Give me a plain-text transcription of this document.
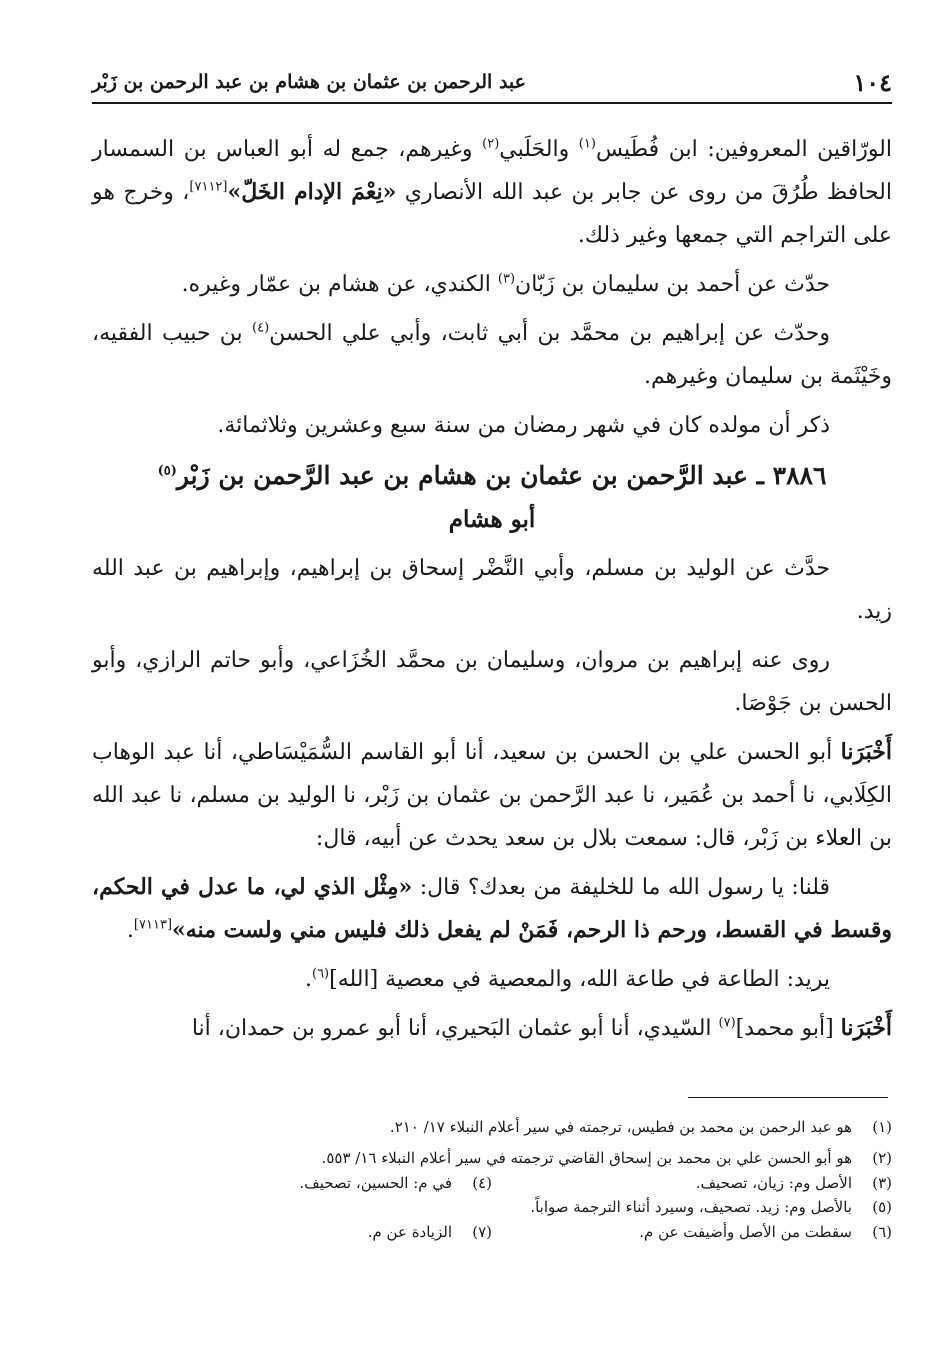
١٠٤
عبد الرحمن بن عثمان بن هشام بن عبد الرحمن بن زَبْر

الورّاقين المعروفين: ابن فُطَيس$^{(١)}$ والحَلَبي$^{(٢)}$ وغيرهم، جمع له أبو العباس بن السمسار الحافظ طُرُقَ من روى عن جابر بن عبد الله الأنصاري «نِعْمَ الإدام الخَلّ»[٧١١٢]، وخرج هو على التراجم التي جمعها وغير ذلك.

حدّث عن أحمد بن سليمان بن زَبّان$^{(٣)}$ الكندي، عن هشام بن عمّار وغيره.

وحدّث عن إبراهيم بن محمَّد بن أبي ثابت، وأبي علي الحسن$^{(٤)}$ بن حبيب الفقيه، وخَيْثَمة بن سليمان وغيرهم.

ذكر أن مولده كان في شهر رمضان من سنة سبع وعشرين وثلاثمائة.

٣٨٨٦ ـ عبد الرَّحمن بن عثمان بن هشام بن عبد الرَّحمن بن زَبْر$^{(٥)}$
أبو هشام

حدَّث عن الوليد بن مسلم، وأبي النَّضْر إسحاق بن إبراهيم، وإبراهيم بن عبد الله زيد.

روى عنه إبراهيم بن مروان، وسليمان بن محمَّد الخُزَاعي، وأبو حاتم الرازي، وأبو الحسن بن جَوْصَا.

أَخْبَرَنا أبو الحسن علي بن الحسن بن سعيد، أنا أبو القاسم السُّمَيْسَاطي، أنا عبد الوهاب الكِلَابي، نا أحمد بن عُمَير، نا عبد الرَّحمن بن عثمان بن زَبْر، نا الوليد بن مسلم، نا عبد الله بن العلاء بن زَبْر، قال: سمعت بلال بن سعد يحدث عن أبيه، قال:

قلنا: يا رسول الله ما للخليفة من بعدك؟ قال: «مِثْل الذي لي، ما عدل في الحكم، وقسط في القسط، ورحم ذا الرحم، فَمَنْ لم يفعل ذلك فليس مني ولست منه»[٧١١٣].

يريد: الطاعة في طاعة الله، والمعصية في معصية [الله]$^{(٦)}$.

أَخْبَرَنا [أبو محمد]$^{(٧)}$ السّيدي، أنا أبو عثمان البَحيري، أنا أبو عمرو بن حمدان، أنا

(١)
هو عبد الرحمن بن محمد بن فطيس، ترجمته في سير أعلام النبلاء ١٧/ ٢١٠.
(٢)
هو أبو الحسن علي بن محمد بن إسحاق القاضي ترجمته في سير أعلام النبلاء ١٦/ ٥٥٣.
(٣)
الأصل وم: زيان، تصحيف.
(٤)
في م: الحسين، تصحيف.
(٥)
بالأصل وم: زيد. تصحيف، وسيرد أثناء الترجمة صواباً.
(٦)
سقطت من الأصل وأضيفت عن م.
(٧)
الزيادة عن م.
